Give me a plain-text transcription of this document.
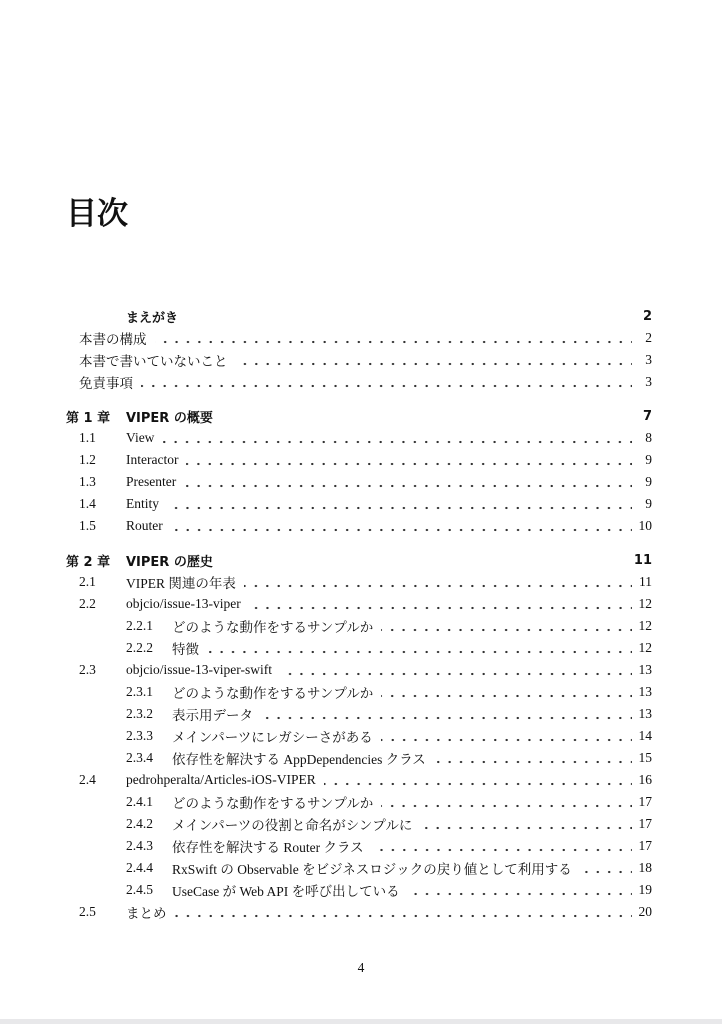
目次
まえがき	2
本書の構成	2
本書で書いていないこと	3
免責事項	3
第 1 章	VIPER の概要	7
1.1	View	8
1.2	Interactor	9
1.3	Presenter	9
1.4	Entity	9
1.5	Router	10
第 2 章	VIPER の歴史	11
2.1	VIPER 関連の年表	11
2.2	objcio/issue-13-viper	12
2.2.1	どのような動作をするサンプルか	12
2.2.2	特徴	12
2.3	objcio/issue-13-viper-swift	13
2.3.1	どのような動作をするサンプルか	13
2.3.2	表示用データ	13
2.3.3	メインパーツにレガシーさがある	14
2.3.4	依存性を解決する AppDependencies クラス	15
2.4	pedrohperalta/Articles-iOS-VIPER	16
2.4.1	どのような動作をするサンプルか	17
2.4.2	メインパーツの役割と命名がシンプルに	17
2.4.3	依存性を解決する Router クラス	17
2.4.4	RxSwift の Observable をビジネスロジックの戻り値として利用する	18
2.4.5	UseCase が Web API を呼び出している	19
2.5	まとめ	20
4
